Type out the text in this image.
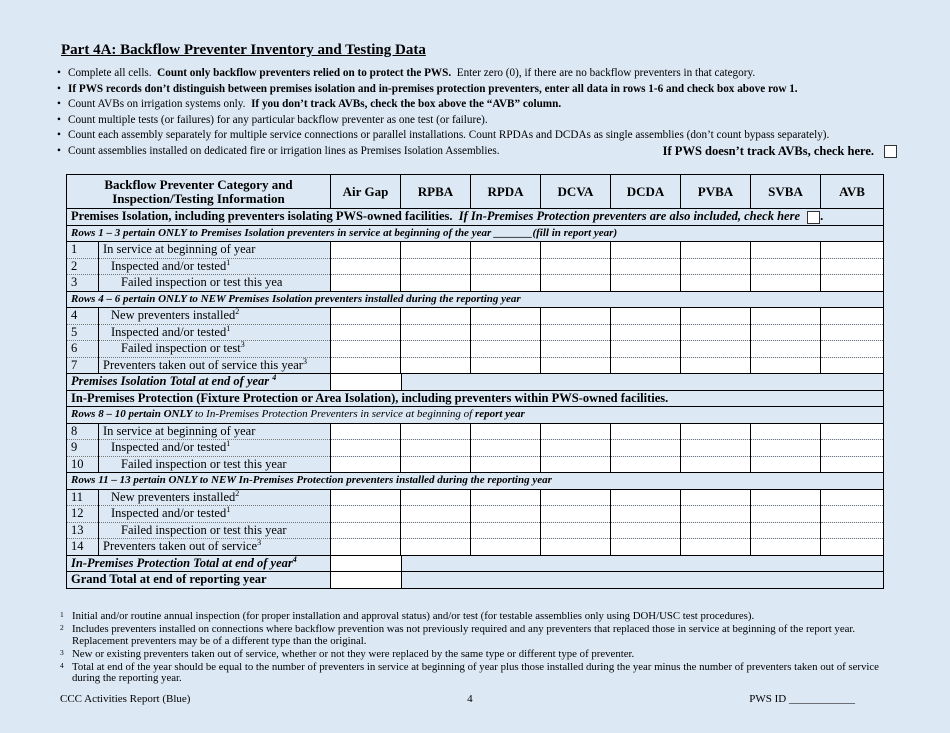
Part 4A: Backflow Preventer Inventory and Testing Data
• Complete all cells. Count only backflow preventers relied on to protect the PWS. Enter zero (0), if there are no backflow preventers in that category.
• If PWS records don’t distinguish between premises isolation and in-premises protection preventers, enter all data in rows 1-6 and check box above row 1.
• Count AVBs on irrigation systems only. If you don’t track AVBs, check the box above the “AVB” column.
• Count multiple tests (or failures) for any particular backflow preventer as one test (or failure).
• Count each assembly separately for multiple service connections or parallel installations. Count RPDAs and DCDAs as single assemblies (don’t count bypass separately).
• Count assemblies installed on dedicated fire or irrigation lines as Premises Isolation Assemblies.	If PWS doesn’t track AVBs, check here.
Backflow Preventer Category and Inspection/Testing Information		Air Gap	RPBA	RPDA	DCVA	DCDA	PVBA	SVBA	AVB
Premises Isolation, including preventers isolating PWS-owned facilities. If In-Premises Protection preventers are also included, check here .									
Rows 1 – 3 pertain ONLY to Premises Isolation preventers in service at beginning of the year _______(fill in report year)									
1	In service at beginning of year								
2	Inspected and/or tested$^1$								
3	Failed inspection or test this yea								
Rows 4 – 6 pertain ONLY to NEW Premises Isolation preventers installed during the reporting year									
4	New preventers installed$^2$								
5	Inspected and/or tested$^1$								
6	Failed inspection or test$^3$								
7	Preventers taken out of service this year$^3$								
Premises Isolation Total at end of year $^4$	

In-Premises Protection (Fixture Protection or Area Isolation), including preventers within PWS-owned facilities.									
Rows 8 – 10 pertain ONLY to In-Premises Protection Preventers in service at beginning of report year									
8	In service at beginning of year								
9	Inspected and/or tested$^1$								
10	Failed inspection or test this year								
Rows 11 – 13 pertain ONLY to NEW In-Premises Protection preventers installed during the reporting year									
11	New preventers installed$^2$								
12	Inspected and/or tested$^1$								
13	Failed inspection or test this year								
14	Preventers taken out of service$^3$								
In-Premises Protection Total at end of year$^4$	

Grand Total at end of reporting year									
1 Initial and/or routine annual inspection (for proper installation and approval status) and/or test (for testable assemblies only using DOH/USC test procedures).
2 Includes preventers installed on connections where backflow prevention was not previously required and any preventers that replaced those in service at beginning of the report year. Replacement preventers may be of a different type than the original.
3 New or existing preventers taken out of service, whether or not they were replaced by the same type or different type of preventer.
4 Total at end of the year should be equal to the number of preventers in service at beginning of year plus those installed during the year minus the number of preventers taken out of service during the reporting year.
CCC Activities Report (Blue)	4	PWS ID ____________
